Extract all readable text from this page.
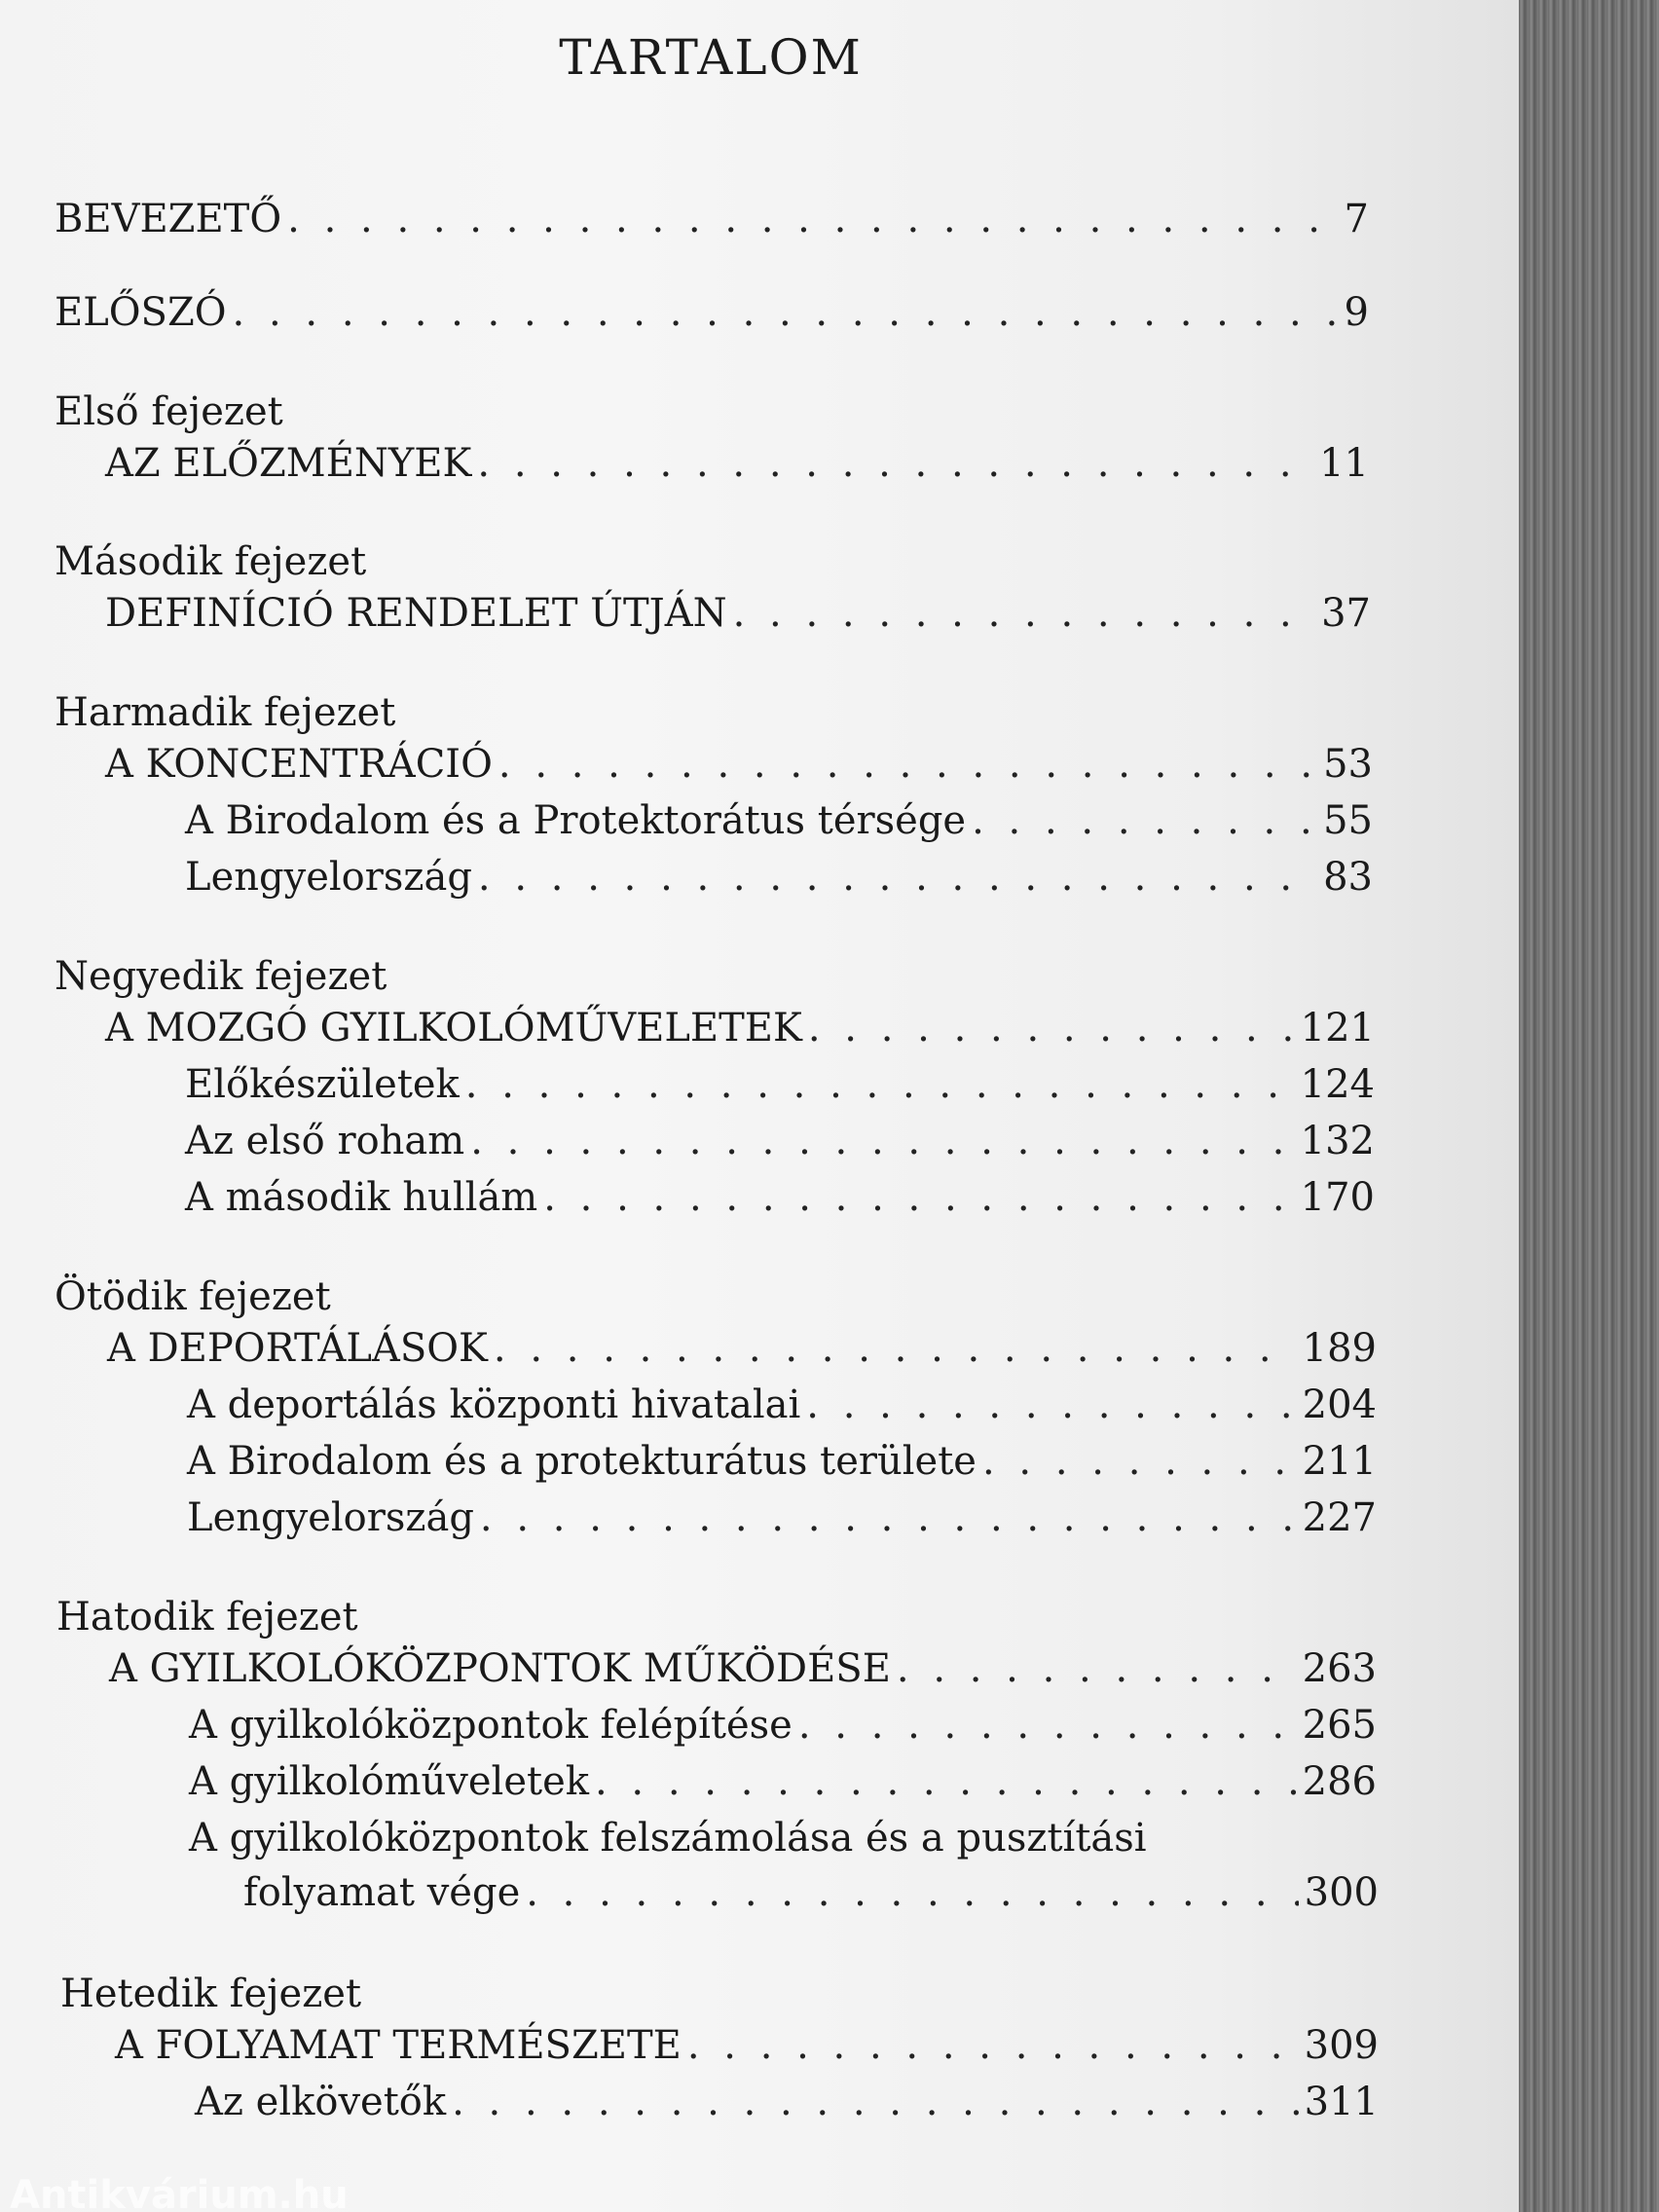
TARTALOM
BEVEZETŐ . . .	7
ELŐSZÓ . . .	9
Első fejezet
AZ ELŐZMÉNYEK . . .	11
Második fejezet
DEFINÍCIÓ RENDELET ÚTJÁN . . .	37
Harmadik fejezet
A KONCENTRÁCIÓ . . .	53
A Birodalom és a Protektorátus térsége . . .	55
Lengyelország . . .	83
Negyedik fejezet
A MOZGÓ GYILKOLÓMŰVELETEK . . .	121
Előkészületek . . .	124
Az első roham . . .	132
A második hullám . . .	170
Ötödik fejezet
A DEPORTÁLÁSOK . . .	189
A deportálás központi hivatalai . . .	204
A Birodalom és a protekturátus területe . . .	211
Lengyelország . . .	227
Hatodik fejezet
A GYILKOLÓKÖZPONTOK MŰKÖDÉSE . . .	263
A gyilkolóközpontok felépítése . . .	265
A gyilkolóműveletek . . .	286
A gyilkolóközpontok felszámolása és a pusztítási
folyamat vége . . .	300
Hetedik fejezet
A FOLYAMAT TERMÉSZETE . . .	309
Az elkövetők . . .	311
Antikvárium.hu
